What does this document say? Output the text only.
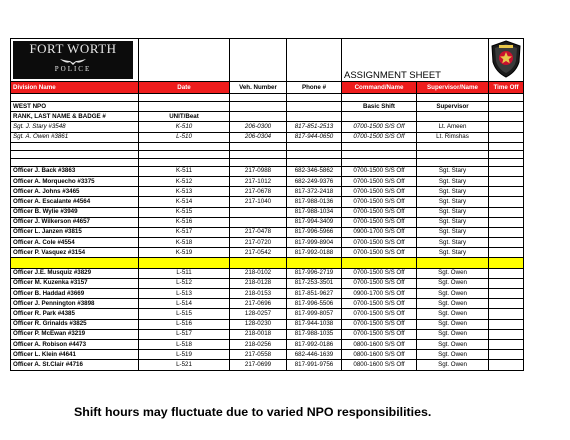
FORT WORTH
POLICE				ASSIGNMENT SHEET

Division Name	Date	Veh. Number	Phone #	Command/Name	Supervisor/Name	Time Off

WEST NPO				Basic Shift	Supervisor	
RANK, LAST NAME & BADGE #	UNIT/Beat					
Sgt. J. Stary #3548	K-510	206-0300	817-851-2513	0700-1500 S/S Off	Lt. Ameen	
Sgt. A. Owen #3861	L-510	206-0304	817-944-0650	0700-1500 S/S Off	Lt. Rimshas	

Officer J. Back #3863	K-511	217-0988	682-346-5862	0700-1500 S/S Off	Sgt. Stary	
Officer A. Morquecho #3375	K-512	217-1012	682-249-9376	0700-1500 S/S Off	Sgt. Stary	
Officer A. Johns #3465	K-513	217-0678	817-372-2418	0700-1500 S/S Off	Sgt. Stary	
Officer A. Escalante #4564	K-514	217-1040	817-988-0136	0700-1500 S/S Off	Sgt. Stary	
Officer B. Wylie #3949	K-515		817-988-1034	0700-1500 S/S Off	Sgt. Stary	
Officer J. Wilkerson #4657	K-516		817-994-3409	0700-1500 S/S Off	Sgt. Stary	
Officer L. Janzen #3815	K-517	217-0478	817-996-5966	0900-1700 S/S Off	Sgt. Stary	
Officer A. Cole #4554	K-518	217-0720	817-999-8904	0700-1500 S/S Off	Sgt. Stary	
Officer P. Vasquez #3154	K-519	217-0542	817-992-0188	0700-1500 S/S Off	Sgt. Stary	

Officer J.E. Musquiz #3829	L-511	218-0102	817-996-2719	0700-1500 S/S Off	Sgt. Owen	
Officer M. Kuzenka #3157	L-512	218-0128	817-253-3501	0700-1500 S/S Off	Sgt. Owen	
Officer B. Haddad #3669	L-513	218-0153	817-851-9627	0900-1700 S/S Off	Sgt. Owen	
Officer J. Pennington #3898	L-514	217-0696	817-996-5506	0700-1500 S/S Off	Sgt. Owen	
Officer R. Park #4385	L-515	128-0257	817-999-8057	0700-1500 S/S Off	Sgt. Owen	
Officer R. Grinalds #3825	L-516	128-0230	817-944-1038	0700-1500 S/S Off	Sgt. Owen	
Officer P. McEwan #3219	L-517	218-0018	817-988-1035	0700-1500 S/S Off	Sgt. Owen	
Officer A. Robison #4473	L-518	218-0256	817-992-0186	0800-1600 S/S Off	Sgt. Owen	
Officer L. Klein #4641	L-519	217-0558	682-446-1639	0800-1600 S/S Off	Sgt. Owen	
Officer A. St.Clair #4716	L-521	217-0699	817-991-9756	0800-1600 S/S Off	Sgt. Owen	
Shift hours may fluctuate due to varied NPO responsibilities.
